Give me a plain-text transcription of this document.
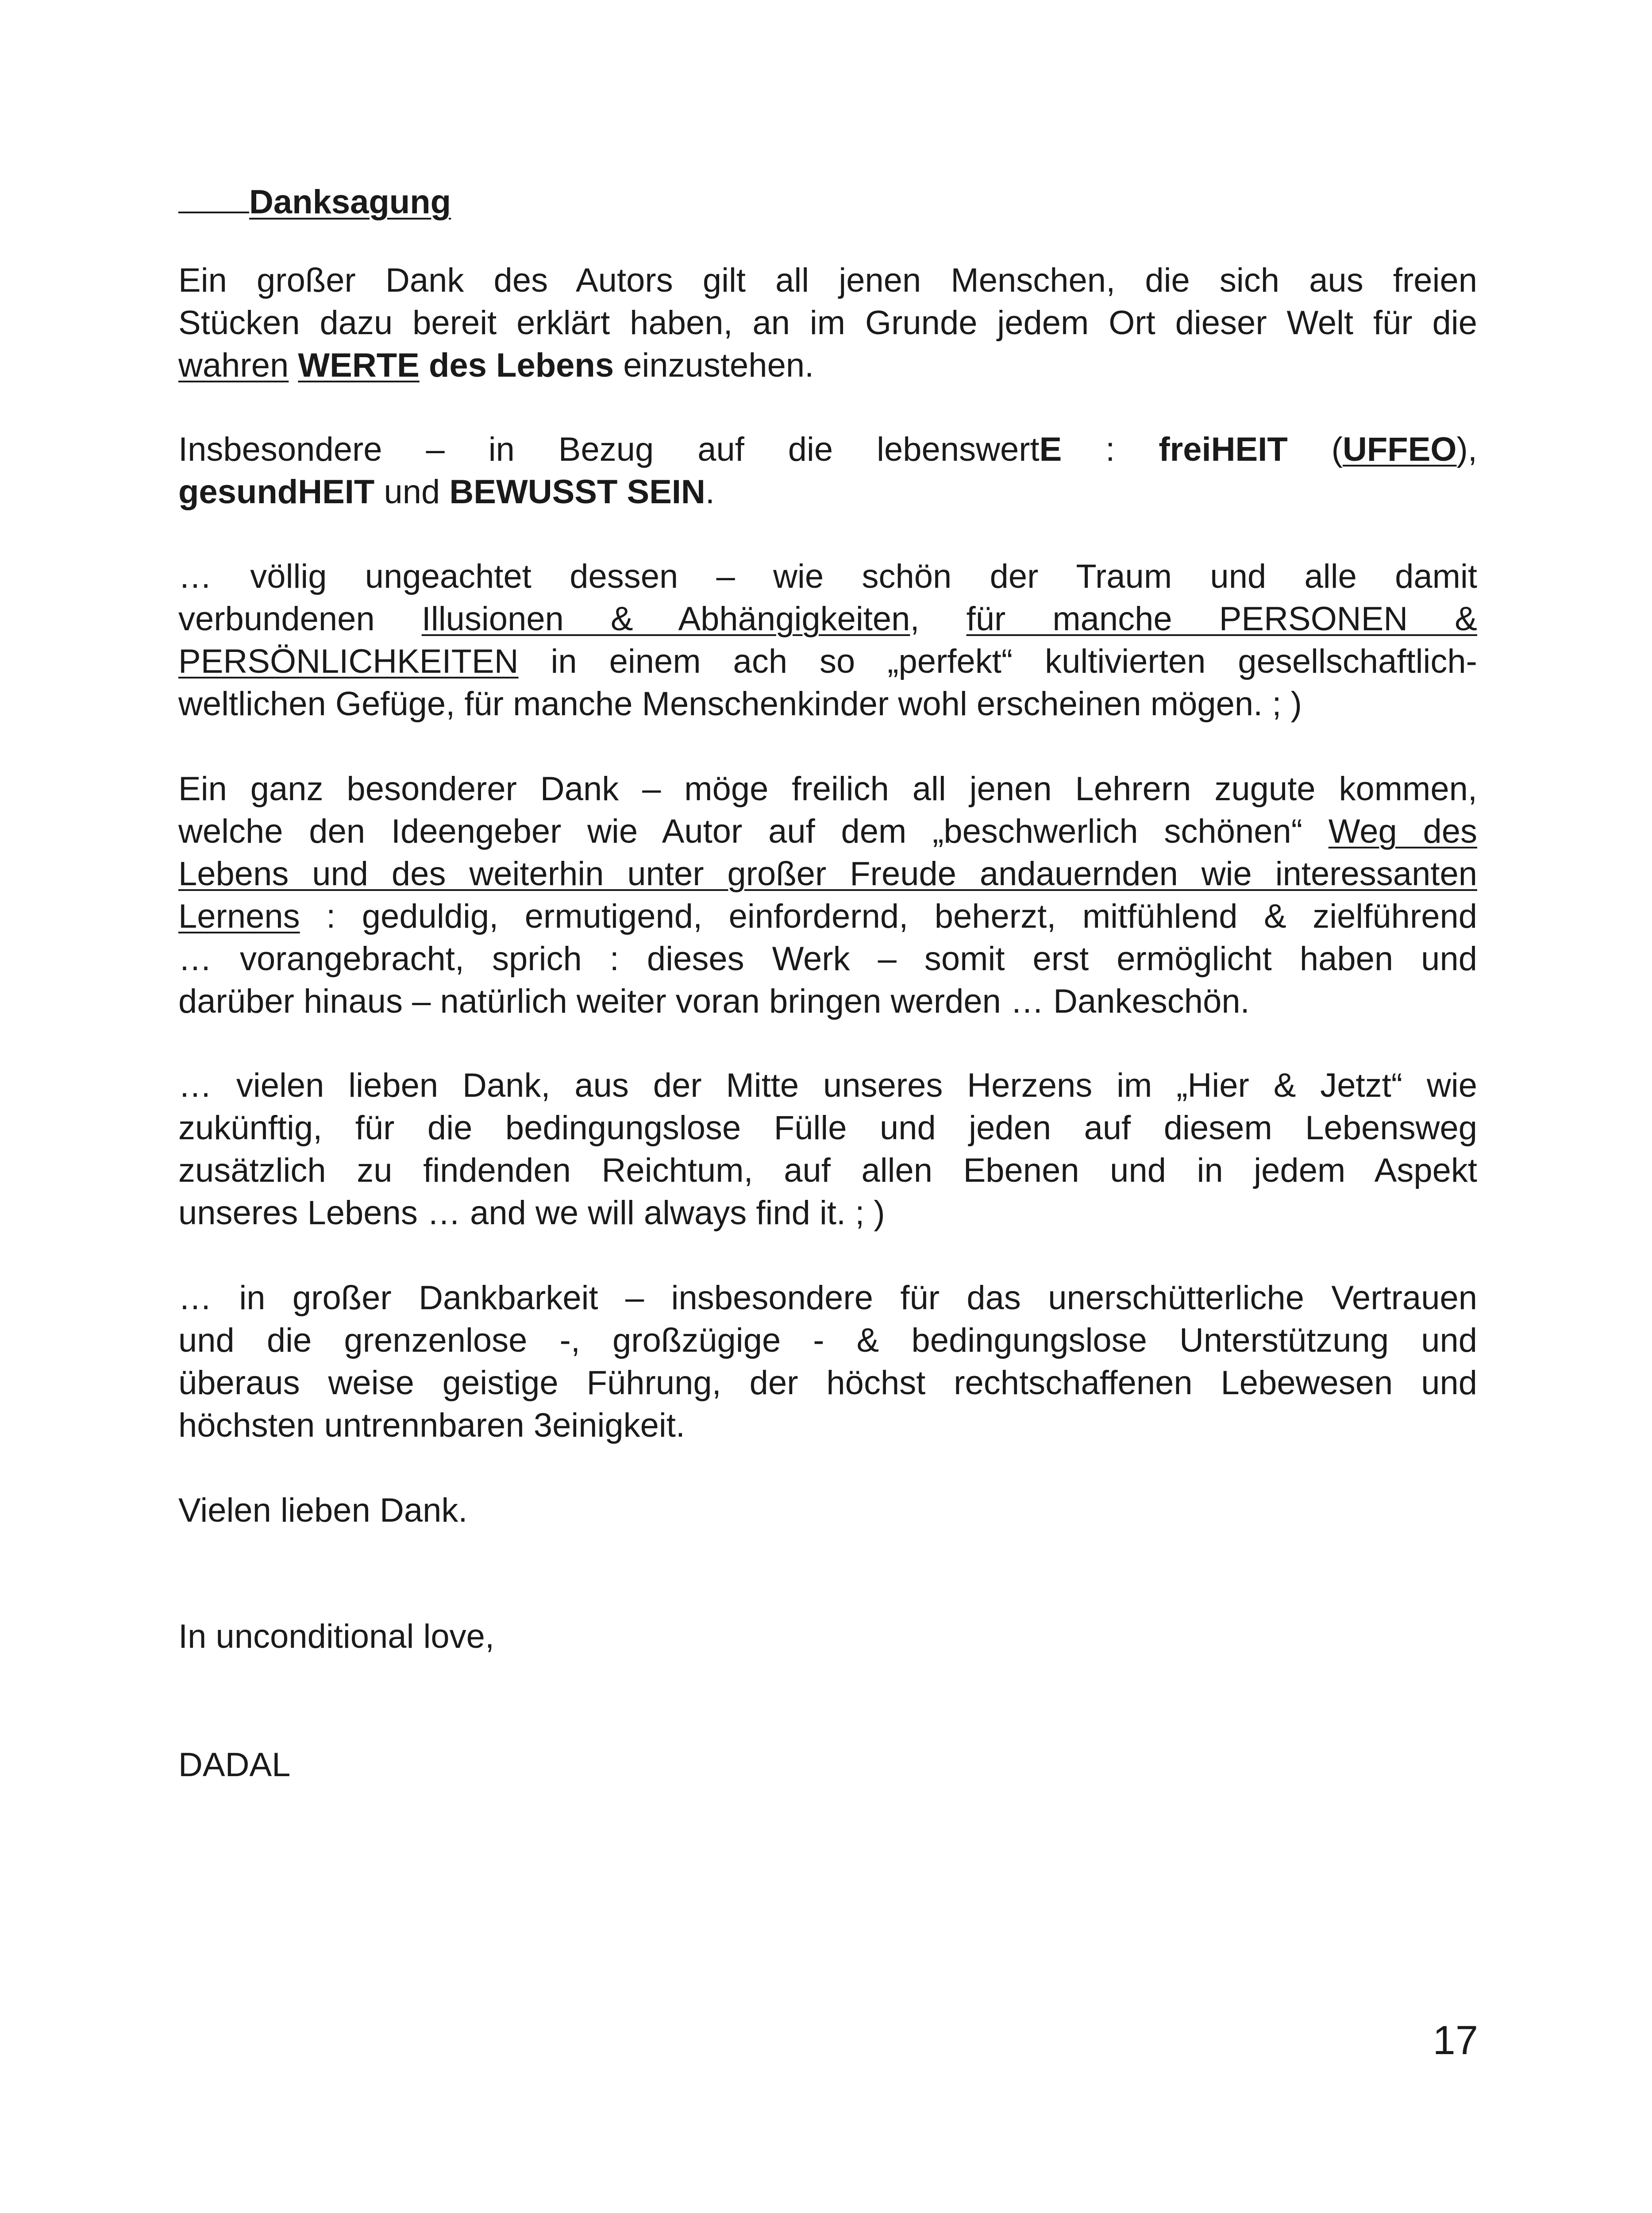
Danksagung
Ein großer Dank des Autors gilt all jenen Menschen, die sich aus freien
Stücken dazu bereit erklärt haben, an im Grunde jedem Ort dieser Welt für die
wahren WERTE des Lebens einzustehen.
Insbesondere – in Bezug auf die lebenswertE : freiHEIT (UFFEO),
gesundHEIT und BEWUSST SEIN.
… völlig ungeachtet dessen – wie schön der Traum und alle damit
verbundenen Illusionen & Abhängigkeiten, für manche PERSONEN &
PERSÖNLICHKEITEN in einem ach so „perfekt“ kultivierten gesellschaftlich-
weltlichen Gefüge, für manche Menschenkinder wohl erscheinen mögen. ; )
Ein ganz besonderer Dank – möge freilich all jenen Lehrern zugute kommen,
welche den Ideengeber wie Autor auf dem „beschwerlich schönen“ Weg des
Lebens und des weiterhin unter großer Freude andauernden wie interessanten
Lernens : geduldig, ermutigend, einfordernd, beherzt, mitfühlend & zielführend
… vorangebracht, sprich : dieses Werk – somit erst ermöglicht haben und
darüber hinaus – natürlich weiter voran bringen werden … Dankeschön.
… vielen lieben Dank, aus der Mitte unseres Herzens im „Hier & Jetzt“ wie
zukünftig, für die bedingungslose Fülle und jeden auf diesem Lebensweg
zusätzlich zu findenden Reichtum, auf allen Ebenen und in jedem Aspekt
unseres Lebens … and we will always find it. ; )
… in großer Dankbarkeit – insbesondere für das unerschütterliche Vertrauen
und die grenzenlose -, großzügige - & bedingungslose Unterstützung und
überaus weise geistige Führung, der höchst rechtschaffenen Lebewesen und
höchsten untrennbaren 3einigkeit.
Vielen lieben Dank.
In unconditional love,
DADAL
17
